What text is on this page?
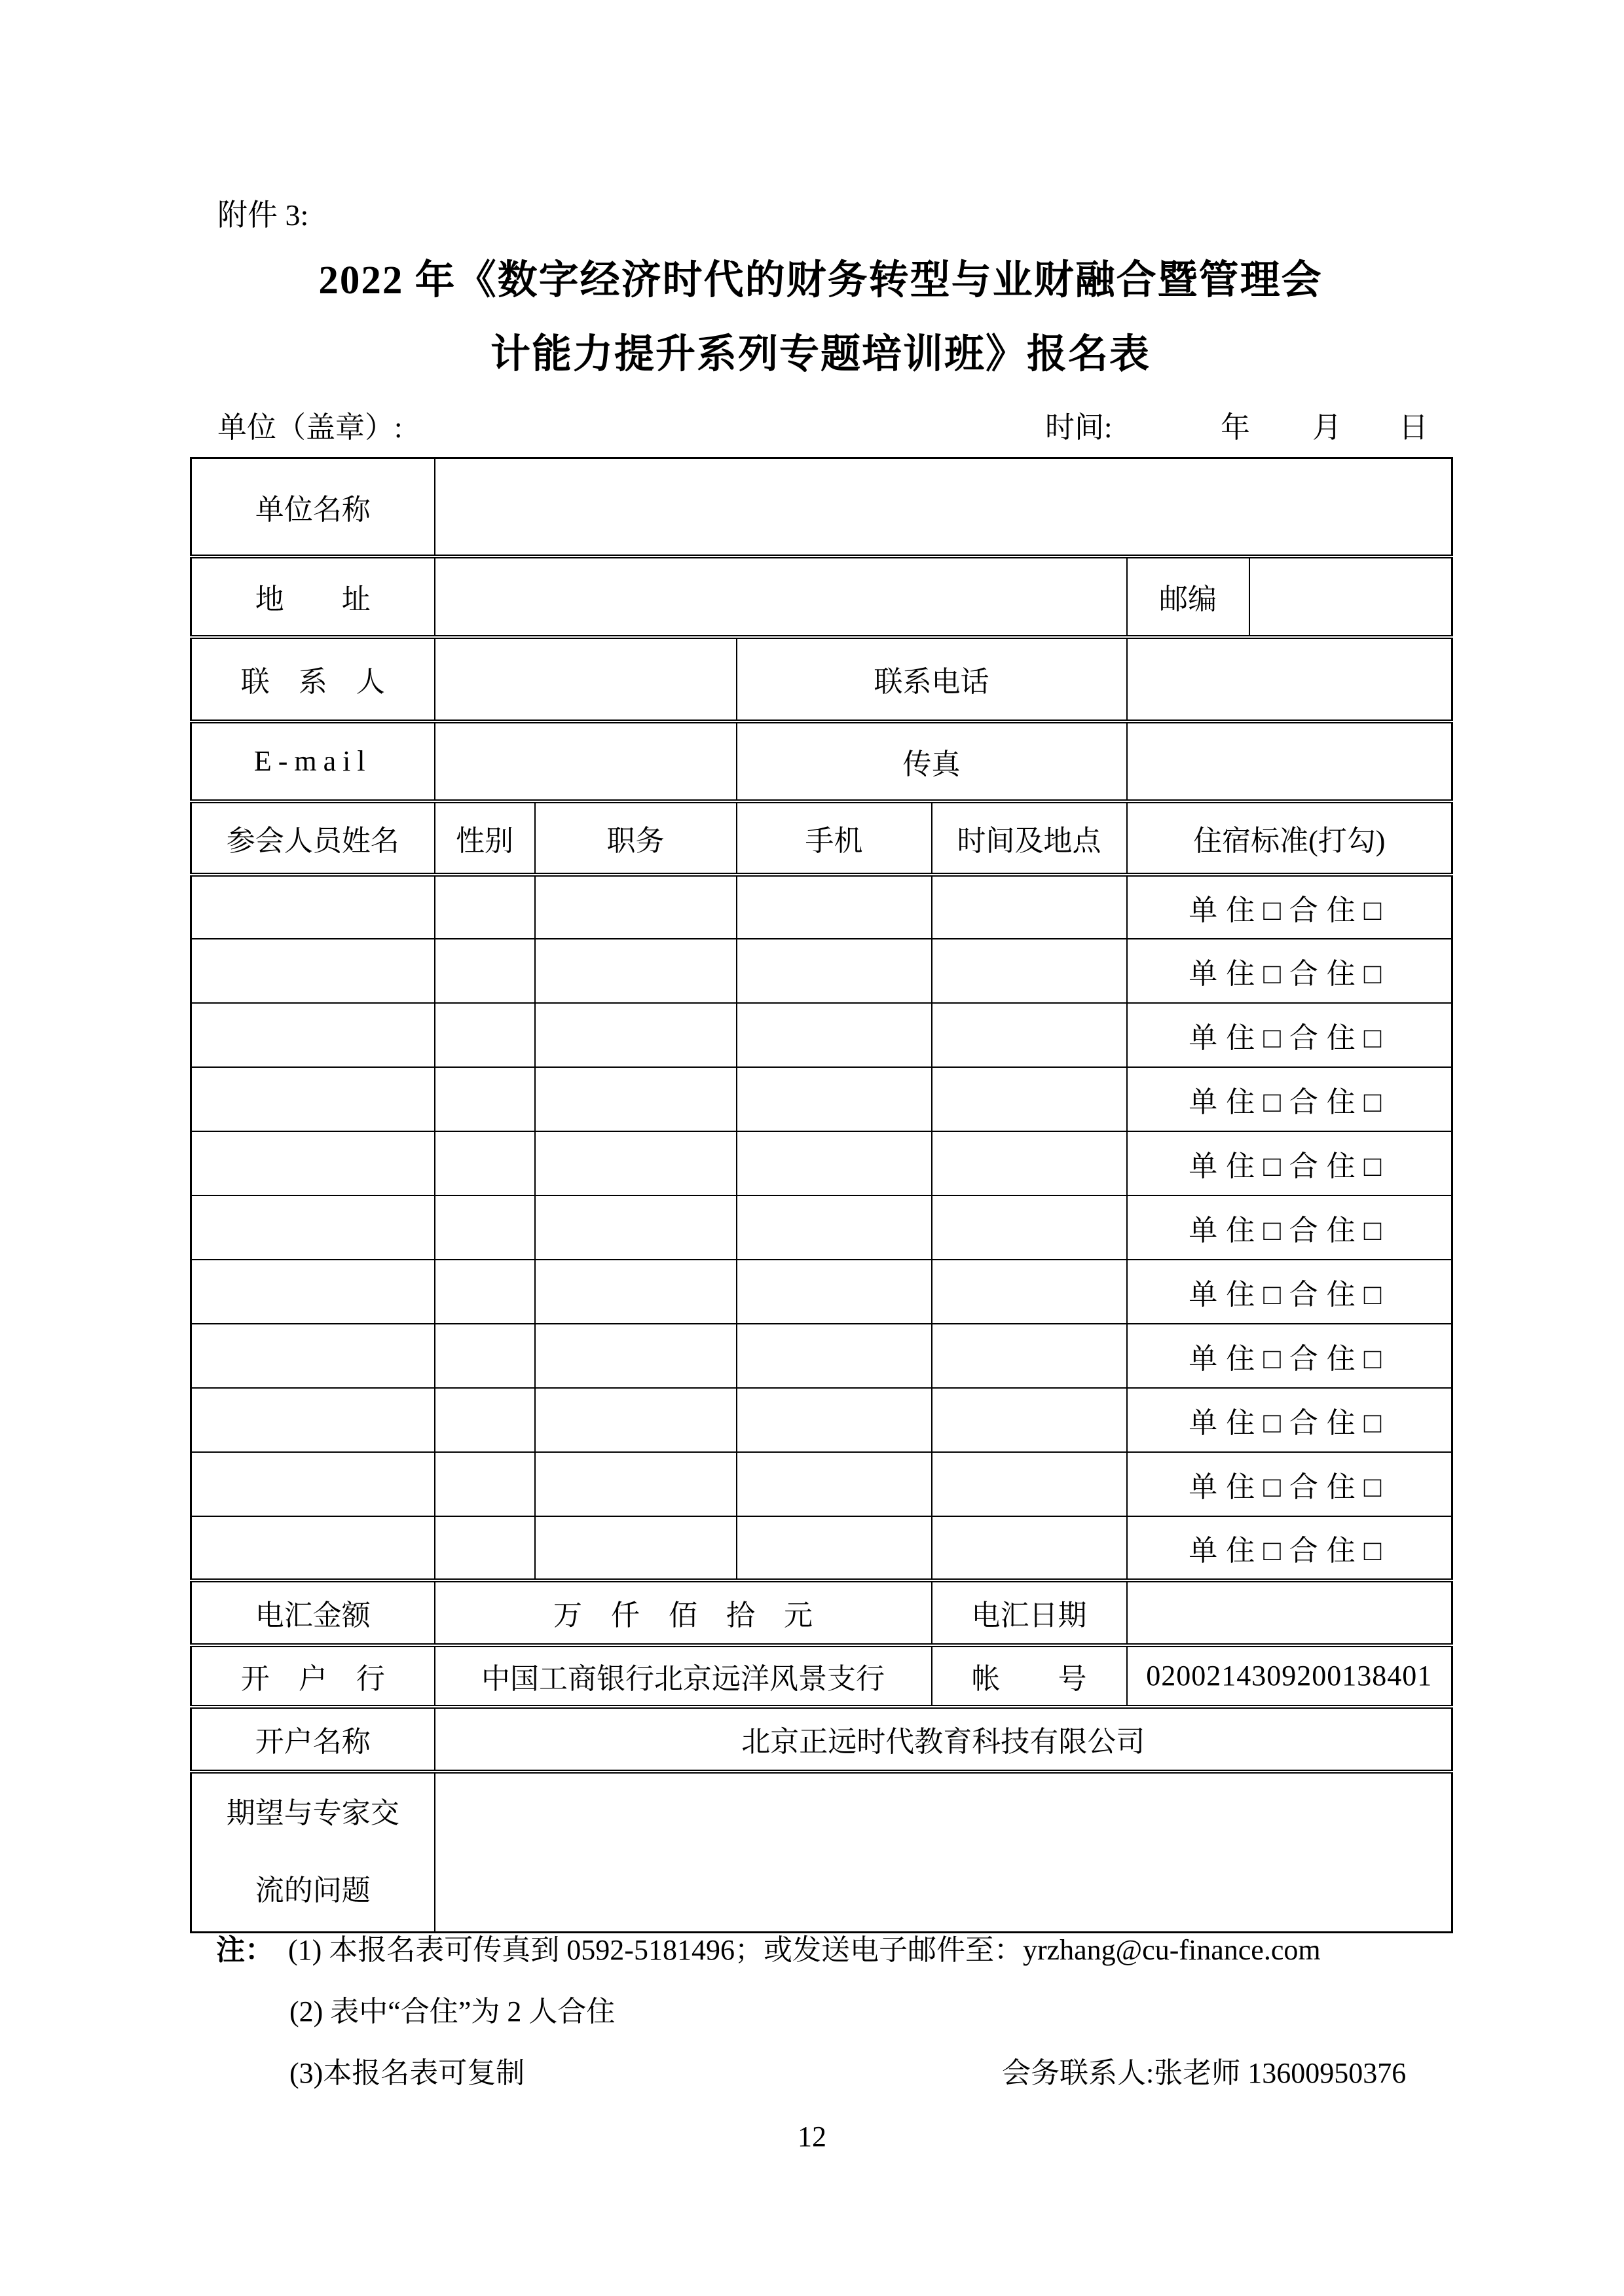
附件 3:
2022 年《数字经济时代的财务转型与业财融合暨管理会
计能力提升系列专题培训班》报名表
单位（盖章）:	时间:	年 月 日
单位名称						
地　　址					邮编	
联　系　人			联系电话			
E-mail			传真			
参会人员姓名	性别	职务	手机	时间及地点	住宿标准(打勾)	
					单住□合住□	
					单住□合住□	
					单住□合住□	
					单住□合住□	
					单住□合住□	
					单住□合住□	
					单住□合住□	
					单住□合住□	
					单住□合住□	
					单住□合住□	
					单住□合住□	
电汇金额	万　仟　佰　拾　元			电汇日期		
开　户　行	中国工商银行北京远洋风景支行			帐　　号	0200214309200138401	
开户名称	北京正远时代教育科技有限公司					

期望与专家交
流的问题						

注： (1) 本报名表可传真到 0592-5181496；或发送电子邮件至：yrzhang@cu-finance.com
(2) 表中“合住”为 2 人合住
(3)本报名表可复制	会务联系人:张老师 13600950376
12
